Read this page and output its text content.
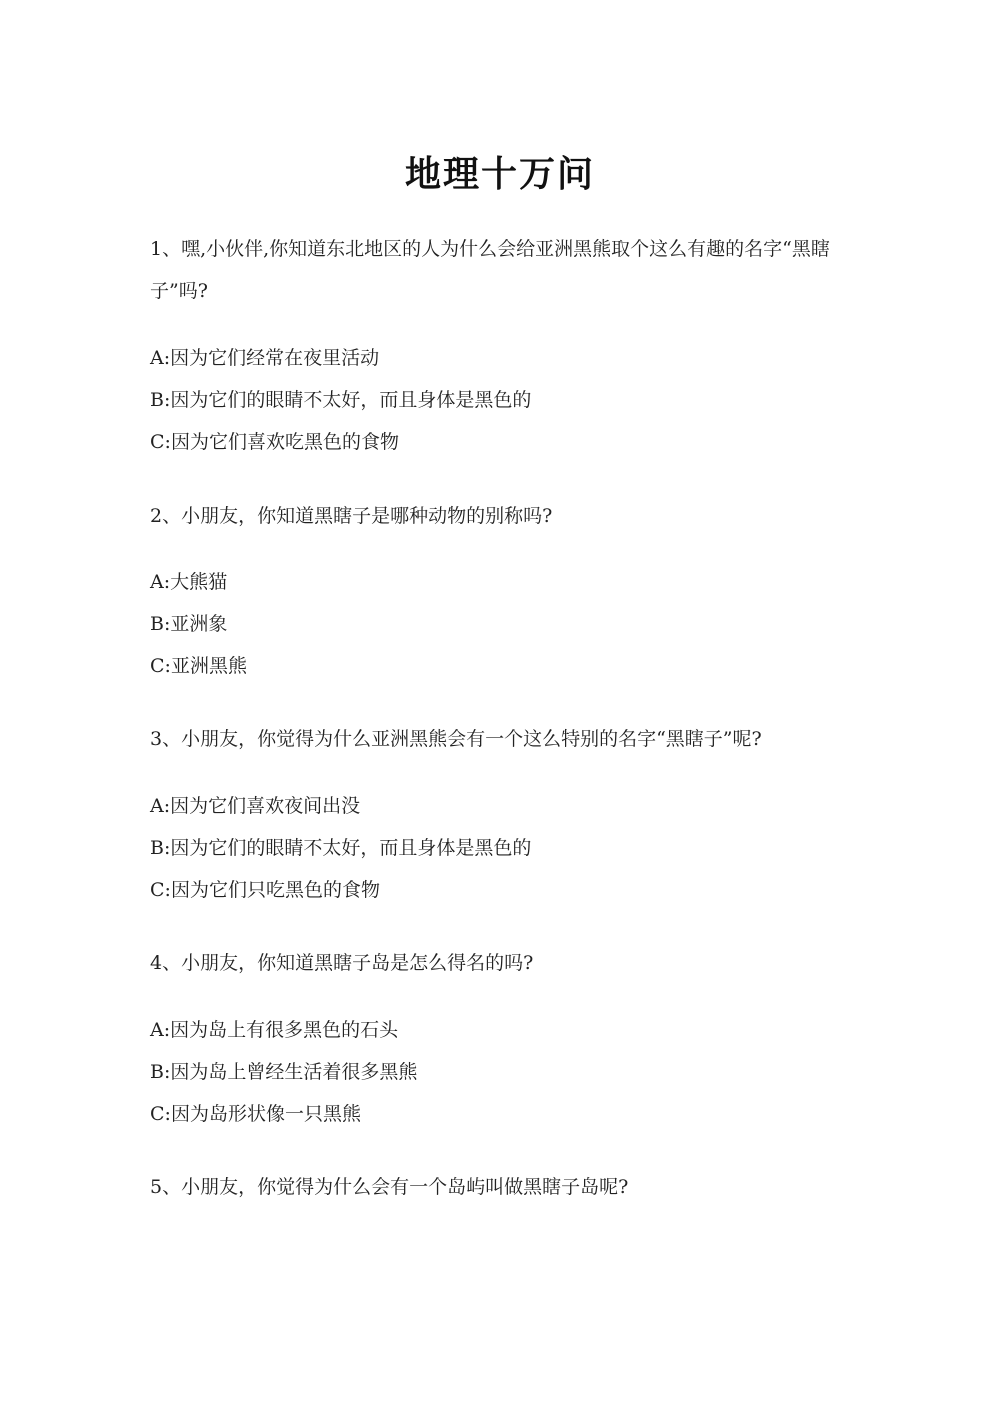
地理十万问
1、嘿,小伙伴,你知道东北地区的人为什么会给亚洲黑熊取个这么有趣的名字“黑瞎子”吗?
A:因为它们经常在夜里活动
B:因为它们的眼睛不太好，而且身体是黑色的
C:因为它们喜欢吃黑色的食物
2、小朋友，你知道黑瞎子是哪种动物的别称吗?
A:大熊猫
B:亚洲象
C:亚洲黑熊
3、小朋友，你觉得为什么亚洲黑熊会有一个这么特别的名字“黑瞎子”呢?
A:因为它们喜欢夜间出没
B:因为它们的眼睛不太好，而且身体是黑色的
C:因为它们只吃黑色的食物
4、小朋友，你知道黑瞎子岛是怎么得名的吗?
A:因为岛上有很多黑色的石头
B:因为岛上曾经生活着很多黑熊
C:因为岛形状像一只黑熊
5、小朋友，你觉得为什么会有一个岛屿叫做黑瞎子岛呢?
